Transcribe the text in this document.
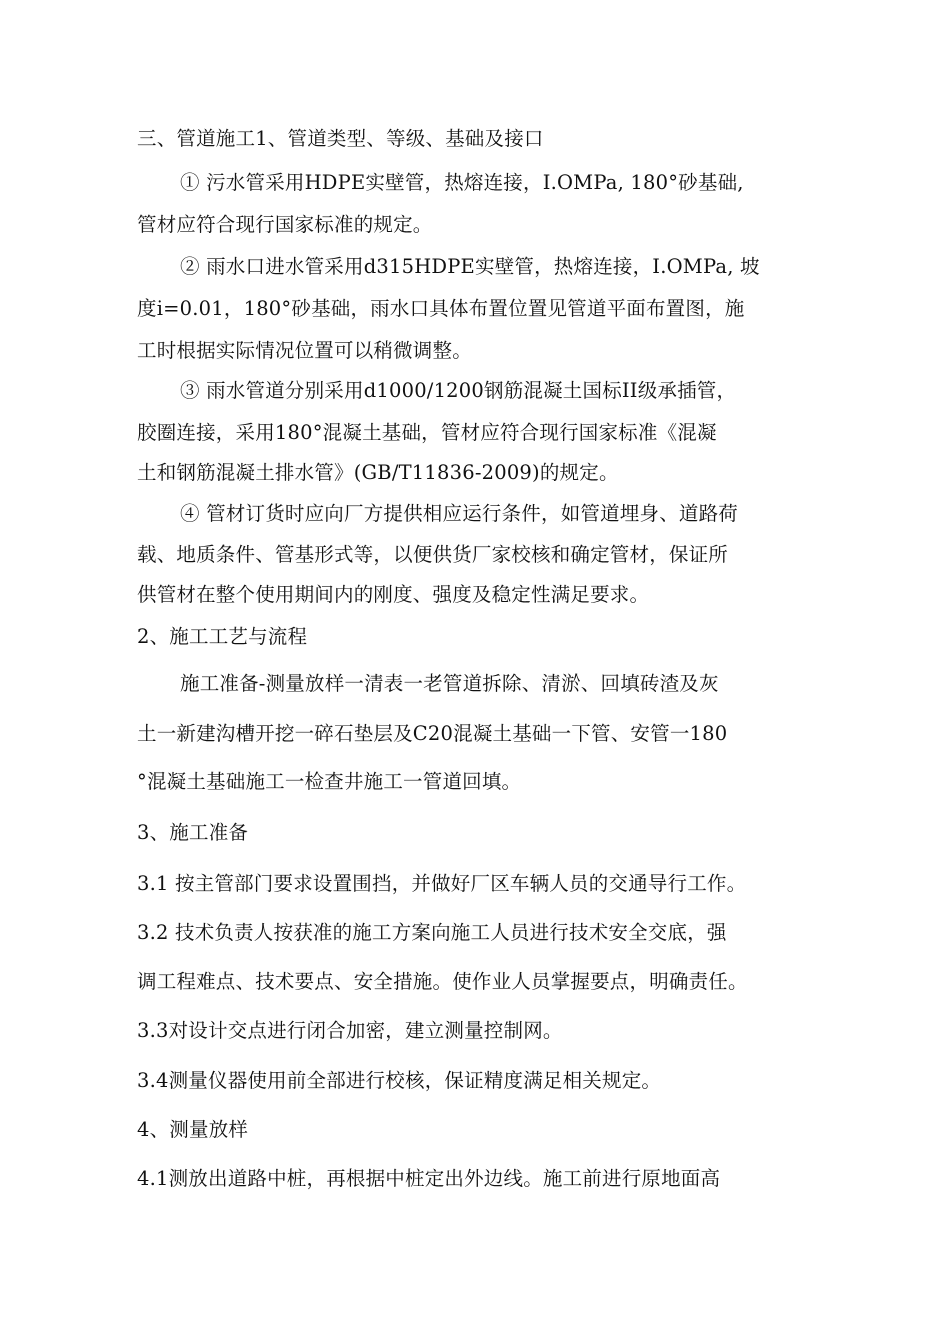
三、管道施工1、管道类型、等级、基础及接口
① 污水管采用HDPE实壁管，热熔连接，I.OMPa, 180°砂基础,
管材应符合现行国家标准的规定。
② 雨水口进水管采用d315HDPE实壁管，热熔连接，I.OMPa, 坡
度i=0.01，180°砂基础，雨水口具体布置位置见管道平面布置图，施
工时根据实际情况位置可以稍微调整。
③ 雨水管道分别采用d1000/1200钢筋混凝土国标II级承插管，
胶圈连接，采用180°混凝土基础，管材应符合现行国家标准《混凝
土和钢筋混凝土排水管》(GB/T11836-2009)的规定。
④ 管材订货时应向厂方提供相应运行条件，如管道埋身、道路荷
载、地质条件、管基形式等，以便供货厂家校核和确定管材，保证所
供管材在整个使用期间内的刚度、强度及稳定性满足要求。
2、施工工艺与流程
施工准备-测量放样一清表一老管道拆除、清淤、回填砖渣及灰
土一新建沟槽开挖一碎石垫层及C20混凝土基础一下管、安管一180
°混凝土基础施工一检查井施工一管道回填。
3、施工准备
3.1 按主管部门要求设置围挡，并做好厂区车辆人员的交通导行工作。
3.2 技术负责人按获准的施工方案向施工人员进行技术安全交底，强
调工程难点、技术要点、安全措施。使作业人员掌握要点，明确责任。
3.3对设计交点进行闭合加密，建立测量控制网。
3.4测量仪器使用前全部进行校核，保证精度满足相关规定。
4、测量放样
4.1测放出道路中桩，再根据中桩定出外边线。施工前进行原地面高
